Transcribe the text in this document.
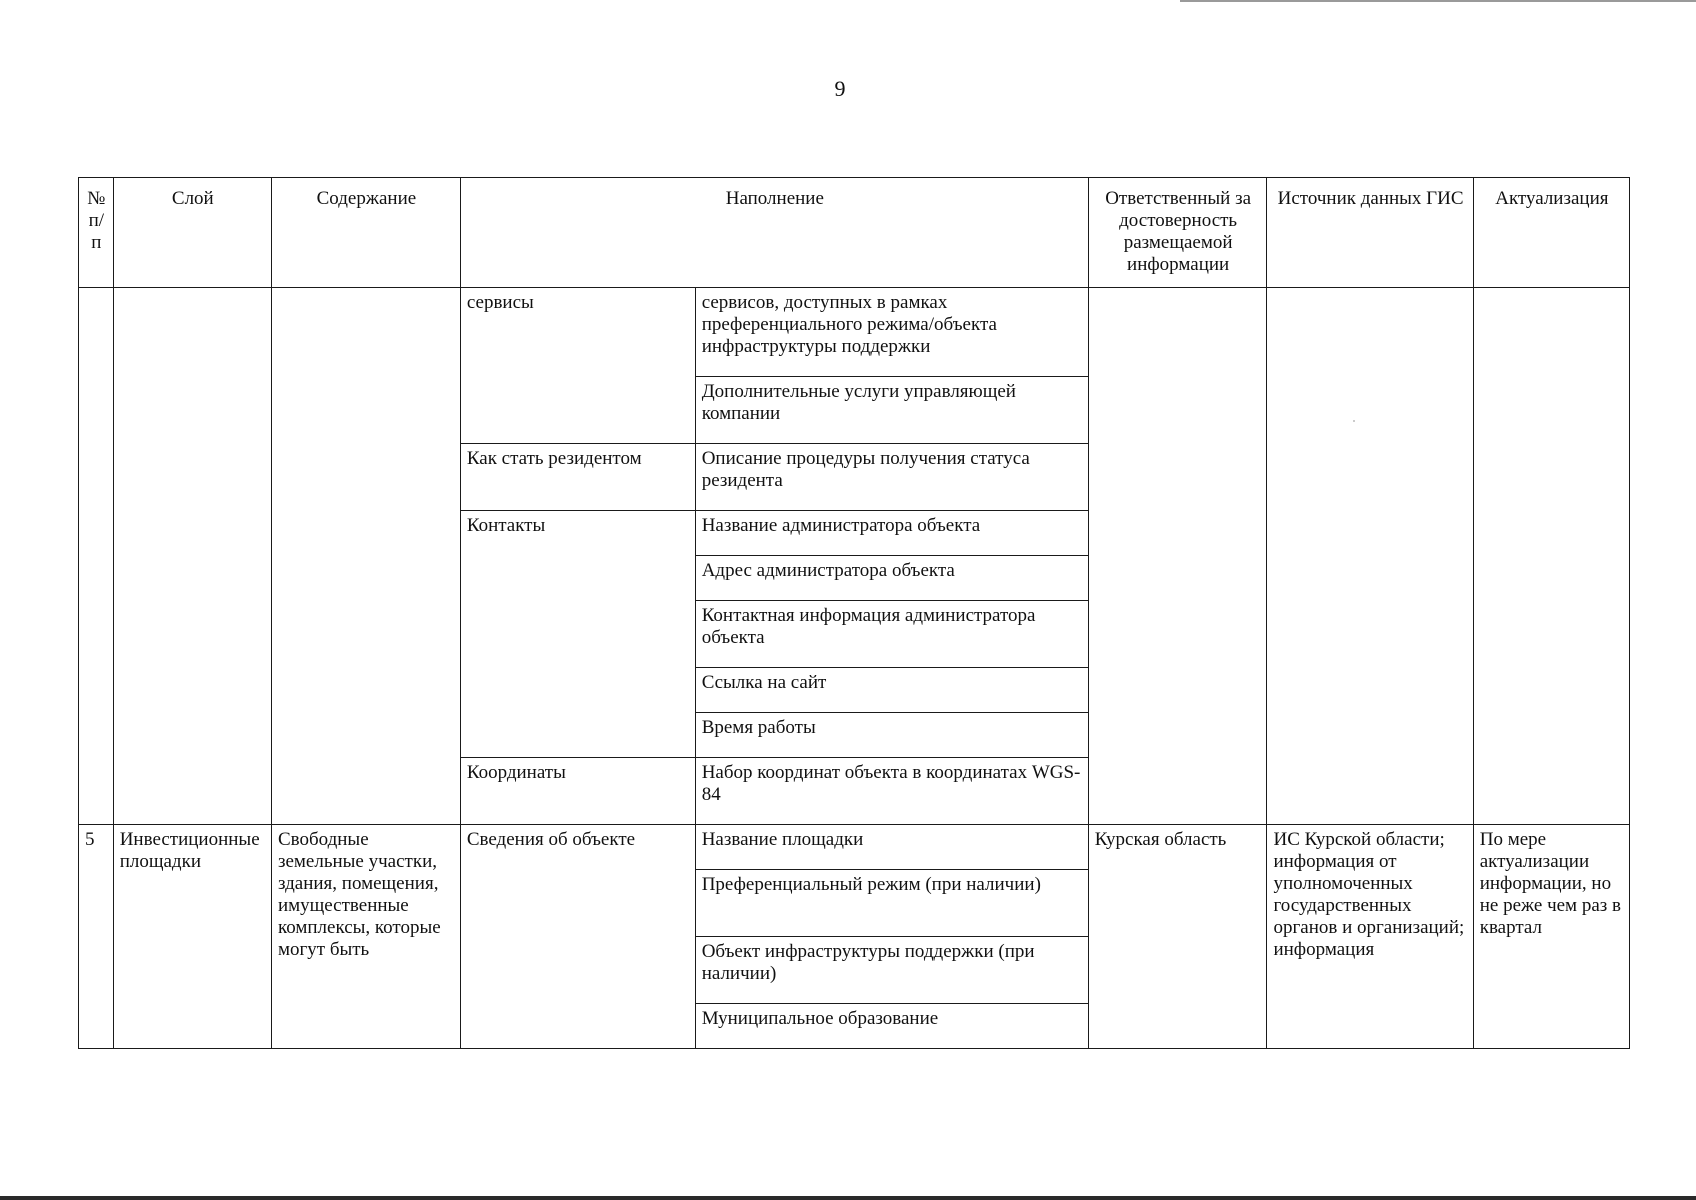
9
№ п/ п	Слой	Содержание	Наполнение		Ответственный за достоверность размещаемой информации	Источник данных ГИС	Актуализация
			сервисы	сервисов, доступных в рамках преференциального режима/объекта инфраструктуры поддержки			
				Дополнительные услуги управляющей компании			
			Как стать резидентом	Описание процедуры получения статуса резидента			
			Контакты	Название администратора объекта			
				Адрес администратора объекта			
				Контактная информация администратора объекта			
				Ссылка на сайт			
				Время работы			
			Координаты	Набор координат объекта в координатах WGS-84			
5	Инвестиционные площадки	Свободные земельные участки, здания, помещения, имущественные комплексы, которые могут быть	Сведения об объекте	Название площадки	Курская область	ИС Курской области; информация от уполномоченных государственных органов и организаций; информация	По мере актуализации информации, но не реже чем раз в квартал
				Преференциальный режим (при наличии)			
				Объект инфраструктуры поддержки (при наличии)			
				Муниципальное образование			
